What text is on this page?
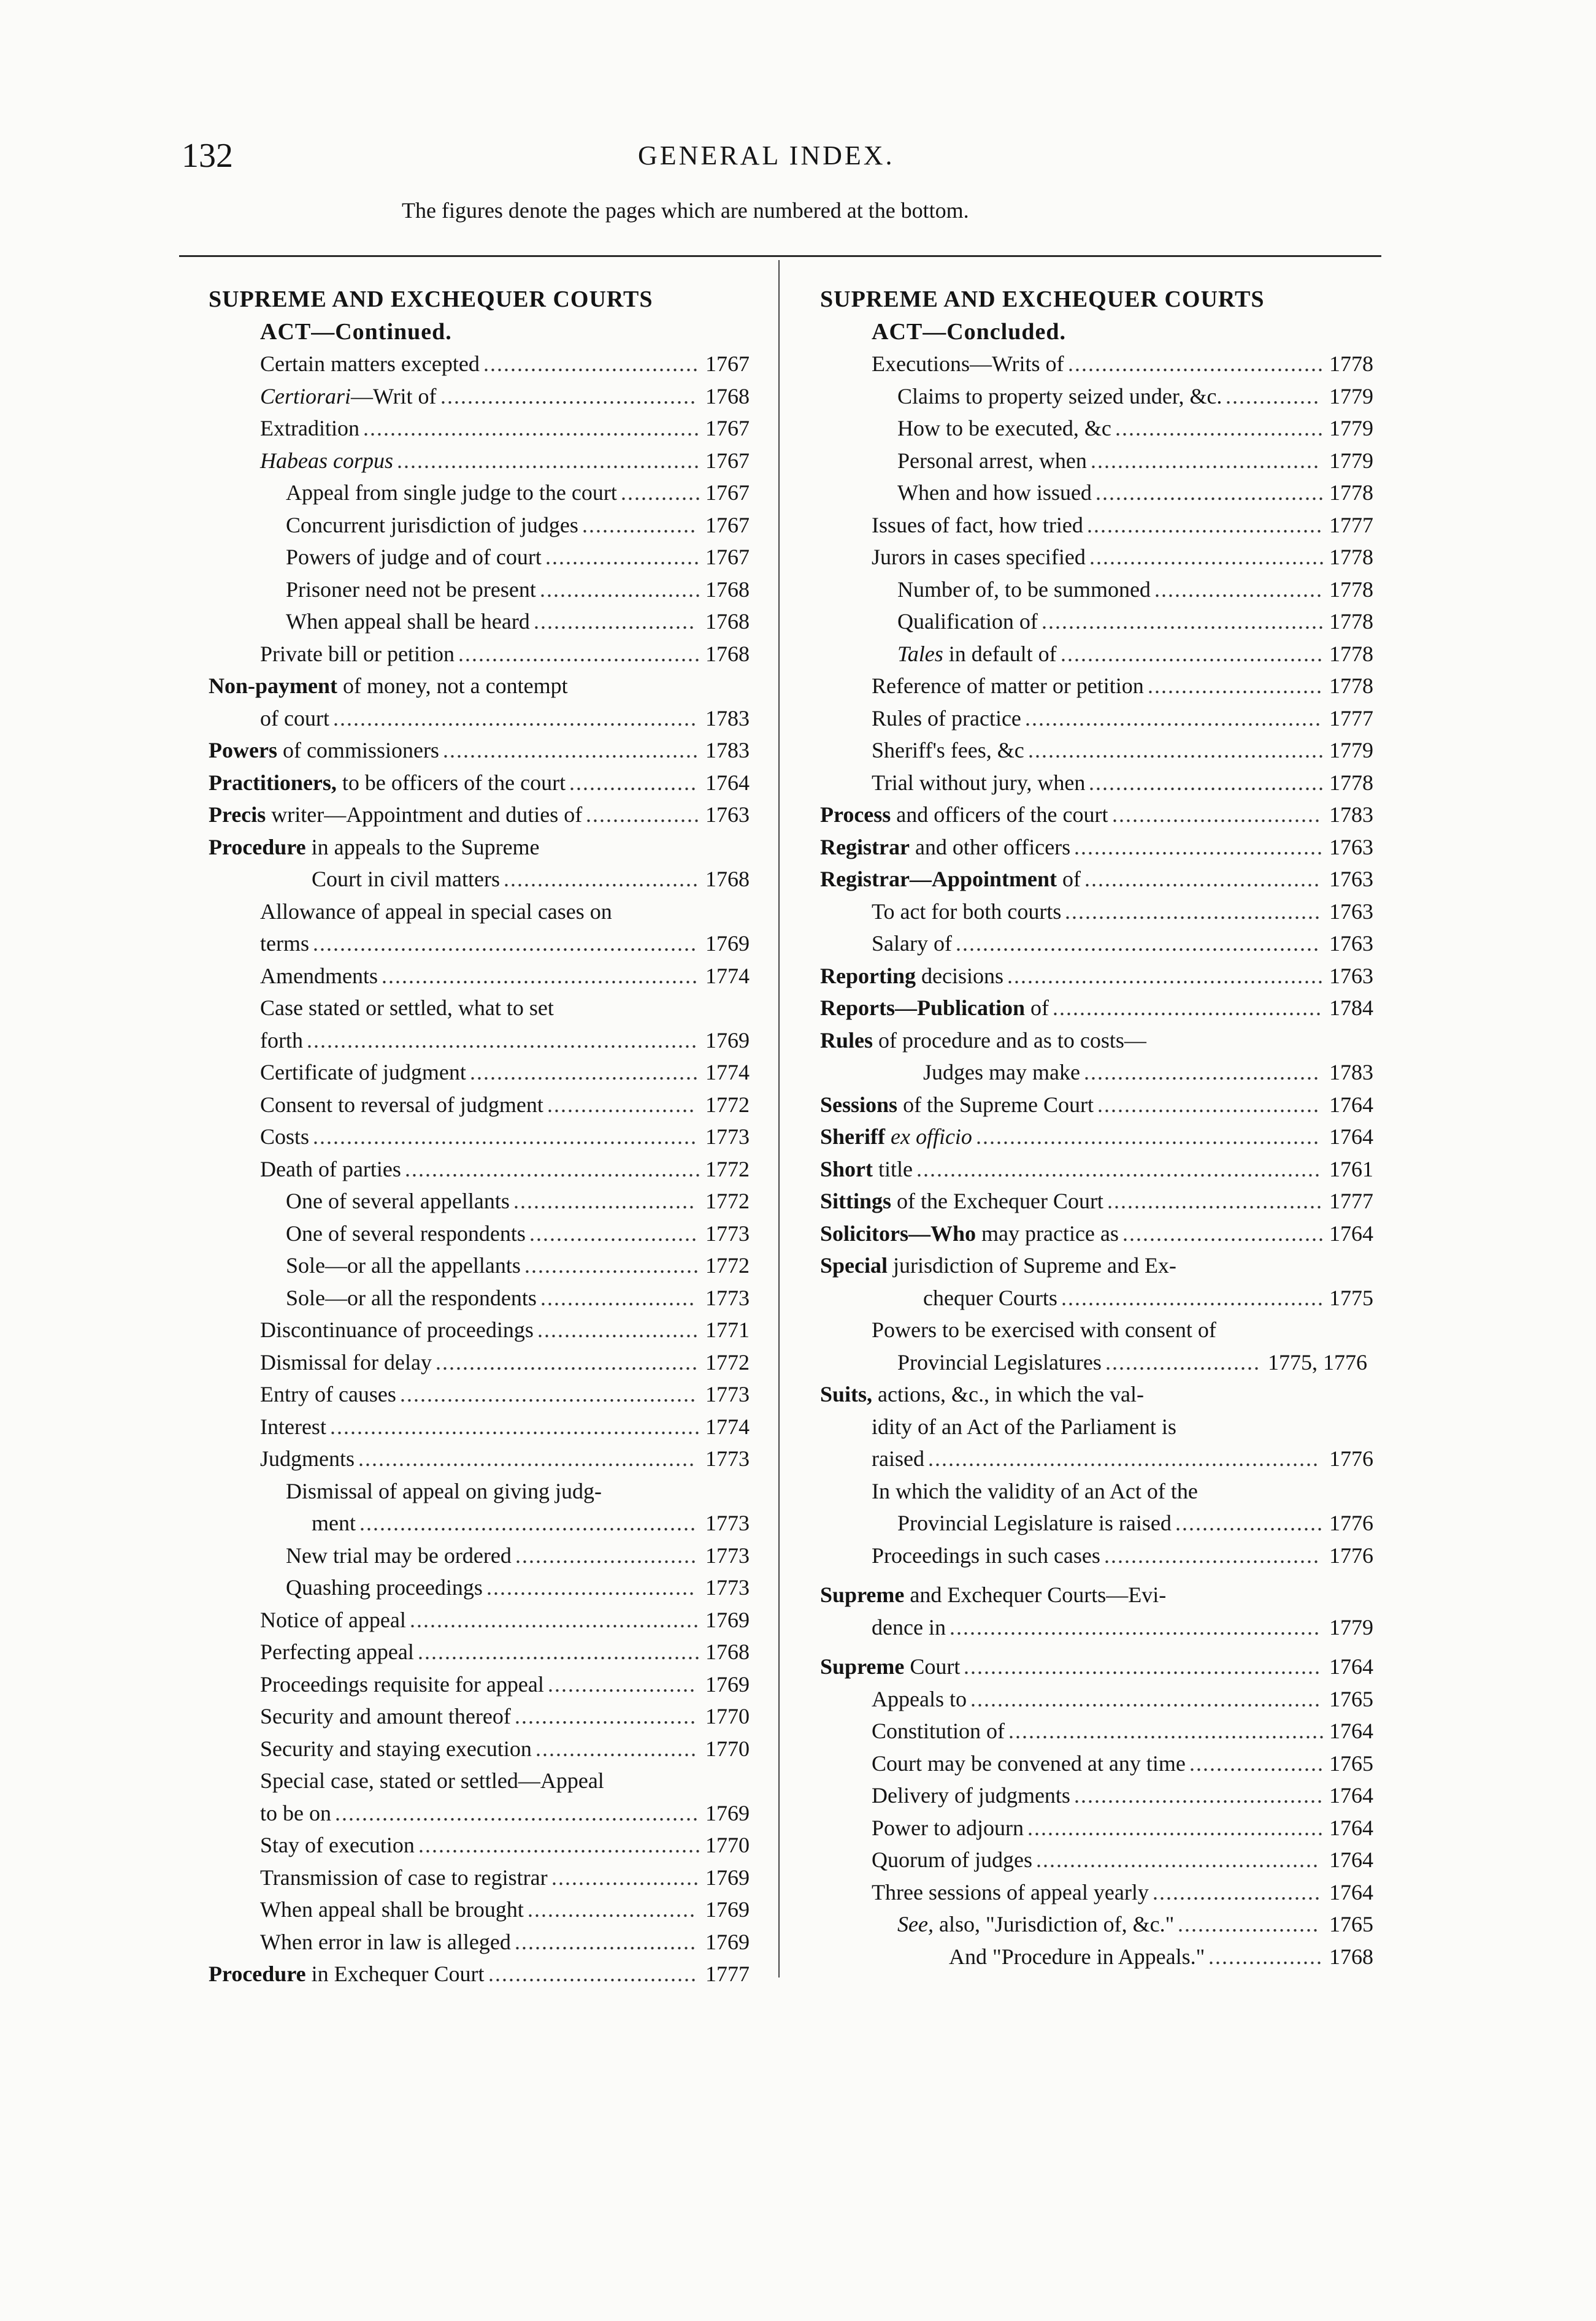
132	GENERAL INDEX.
The figures denote the pages which are numbered at the bottom.
SUPREME AND EXCHEQUER COURTS
ACT—Continued.
Certain matters excepted ................................ 1767
Certiorari—Writ of ...................................... 1768
Extradition .................................................. 1767
Habeas corpus ............................................. 1767
Appeal from single judge to the court ............ 1767
Concurrent jurisdiction of judges ................. 1767
Powers of judge and of court ....................... 1767
Prisoner need not be present ........................ 1768
When appeal shall be heard ........................ 1768
Private bill or petition .................................... 1768
Non-payment of money, not a contempt
of court ...................................................... 1783
Powers of commissioners ...................................... 1783
Practitioners, to be officers of the court ................... 1764
Precis writer—Appointment and duties of ................. 1763
Procedure in appeals to the Supreme
Court in civil matters ............................. 1768
Allowance of appeal in special cases on
terms ......................................................... 1769
Amendments ............................................... 1774
Case stated or settled, what to set
forth .......................................................... 1769
Certificate of judgment .................................. 1774
Consent to reversal of judgment ...................... 1772
Costs ......................................................... 1773
Death of parties ............................................ 1772
One of several appellants ........................... 1772
One of several respondents ......................... 1773
Sole—or all the appellants .......................... 1772
Sole—or all the respondents ....................... 1773
Discontinuance of proceedings ........................ 1771
Dismissal for delay ....................................... 1772
Entry of causes ............................................ 1773
Interest ....................................................... 1774
Judgments .................................................. 1773
Dismissal of appeal on giving judg-
ment .................................................. 1773
New trial may be ordered ........................... 1773
Quashing proceedings ............................... 1773
Notice of appeal ........................................... 1769
Perfecting appeal .......................................... 1768
Proceedings requisite for appeal ...................... 1769
Security and amount thereof ........................... 1770
Security and staying execution ........................ 1770
Special case, stated or settled—Appeal
to be on ...................................................... 1769
Stay of execution .......................................... 1770
Transmission of case to registrar ...................... 1769
When appeal shall be brought ......................... 1769
When error in law is alleged ........................... 1769
Procedure in Exchequer Court ............................... 1777
SUPREME AND EXCHEQUER COURTS
ACT—Concluded.
Executions—Writs of ...................................... 1778
Claims to property seized under, &c. .............. 1779
How to be executed, &c ............................... 1779
Personal arrest, when .................................. 1779
When and how issued .................................. 1778
Issues of fact, how tried ................................... 1777
Jurors in cases specified ................................... 1778
Number of, to be summoned ......................... 1778
Qualification of .......................................... 1778
Tales in default of ....................................... 1778
Reference of matter or petition .......................... 1778
Rules of practice ............................................ 1777
Sheriff's fees, &c ............................................ 1779
Trial without jury, when ................................... 1778
Process and officers of the court ............................... 1783
Registrar and other officers ..................................... 1763
Registrar—Appointment of ................................... 1763
To act for both courts ...................................... 1763
Salary of ...................................................... 1763
Reporting decisions ............................................... 1763
Reports—Publication of ........................................ 1784
Rules of procedure and as to costs—
Judges may make ................................... 1783
Sessions of the Supreme Court ................................. 1764
Sheriff ex officio ................................................... 1764
Short title ............................................................ 1761
Sittings of the Exchequer Court ................................ 1777
Solicitors—Who may practice as .............................. 1764
Special jurisdiction of Supreme and Ex-
chequer Courts ....................................... 1775
Powers to be exercised with consent of
Provincial Legislatures ....................... 1775, 1776
Suits, actions, &c., in which the val-
idity of an Act of the Parliament is
raised .......................................................... 1776
In which the validity of an Act of the
Provincial Legislature is raised ...................... 1776
Proceedings in such cases ................................ 1776
Supreme and Exchequer Courts—Evi-
dence in ....................................................... 1779
Supreme Court ..................................................... 1764
Appeals to .................................................... 1765
Constitution of ............................................... 1764
Court may be convened at any time .................... 1765
Delivery of judgments ..................................... 1764
Power to adjourn ............................................ 1764
Quorum of judges .......................................... 1764
Three sessions of appeal yearly ......................... 1764
See, also, "Jurisdiction of, &c." ..................... 1765
And "Procedure in Appeals." ................. 1768
